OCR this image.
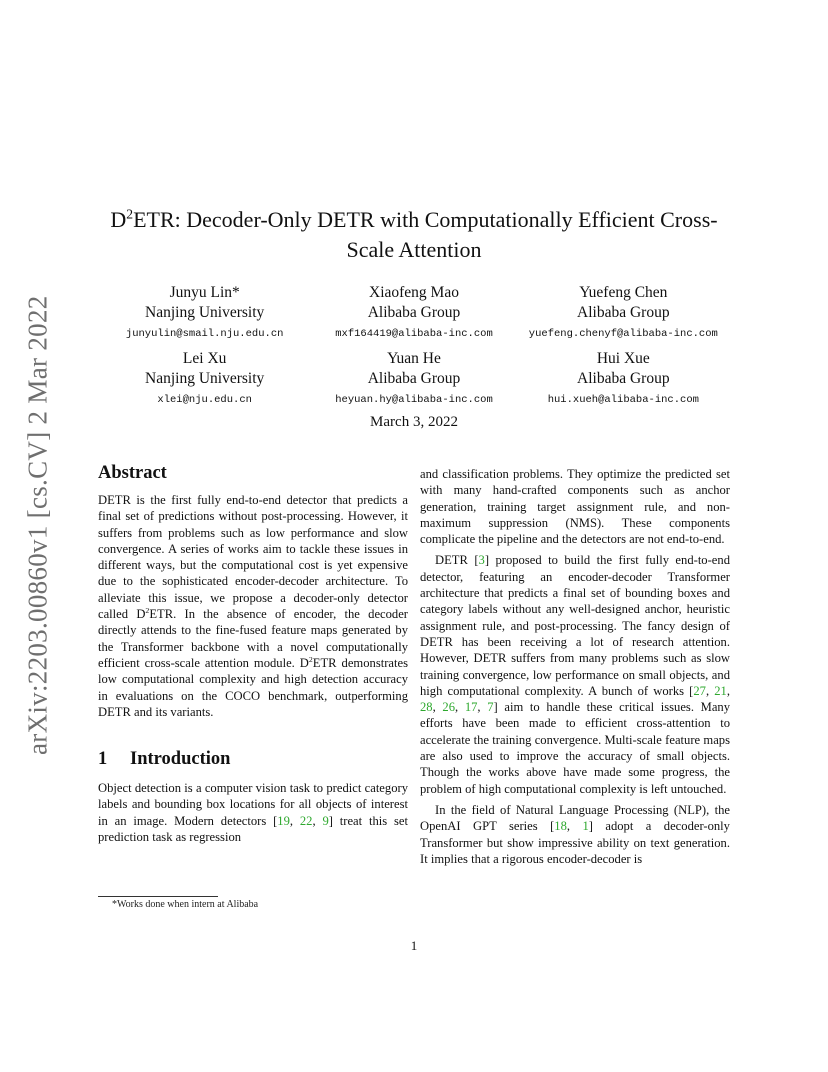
arXiv:2203.00860v1 [cs.CV] 2 Mar 2022
$D^2ETR$: Decoder-Only DETR with Computationally Efficient Cross-Scale Attention
Junyu Lin*
Nanjing University
junyulin@smail.nju.edu.cn
Xiaofeng Mao
Alibaba Group
mxf164419@alibaba-inc.com
Yuefeng Chen
Alibaba Group
yuefeng.chenyf@alibaba-inc.com
Lei Xu
Nanjing University
xlei@nju.edu.cn
Yuan He
Alibaba Group
heyuan.hy@alibaba-inc.com
Hui Xue
Alibaba Group
hui.xueh@alibaba-inc.com
March 3, 2022
Abstract

DETR is the first fully end-to-end detector that predicts a final set of predictions without post-processing. However, it suffers from problems such as low performance and slow convergence. A series of works aim to tackle these issues in different ways, but the computational cost is yet expensive due to the sophisticated encoder-decoder architecture. To alleviate this issue, we propose a decoder-only detector called $D^2ETR$. In the absence of encoder, the decoder directly attends to the fine-fused feature maps generated by the Transformer backbone with a novel computationally efficient cross-scale attention module. $D^2ETR$ demonstrates low computational complexity and high detection accuracy in evaluations on the COCO benchmark, outperforming DETR and its variants.

1 Introduction

Object detection is a computer vision task to predict category labels and bounding box locations for all objects of interest in an image. Modern detectors [19, 22, 9] treat this set prediction task as regression

and classification problems. They optimize the predicted set with many hand-crafted components such as anchor generation, training target assignment rule, and non-maximum suppression (NMS). These components complicate the pipeline and the detectors are not end-to-end.

DETR [3] proposed to build the first fully end-to-end detector, featuring an encoder-decoder Transformer architecture that predicts a final set of bounding boxes and category labels without any well-designed anchor, heuristic assignment rule, and post-processing. The fancy design of DETR has been receiving a lot of research attention. However, DETR suffers from many problems such as slow training convergence, low performance on small objects, and high computational complexity. A bunch of works [27, 21, 28, 26, 17, 7] aim to handle these critical issues. Many efforts have been made to efficient cross-attention to accelerate the training convergence. Multi-scale feature maps are also used to improve the accuracy of small objects. Though the works above have made some progress, the problem of high computational complexity is left untouched.

In the field of Natural Language Processing (NLP), the OpenAI GPT series [18, 1] adopt a decoder-only Transformer but show impressive ability on text generation. It implies that a rigorous encoder-decoder is

*Works done when intern at Alibaba
1
